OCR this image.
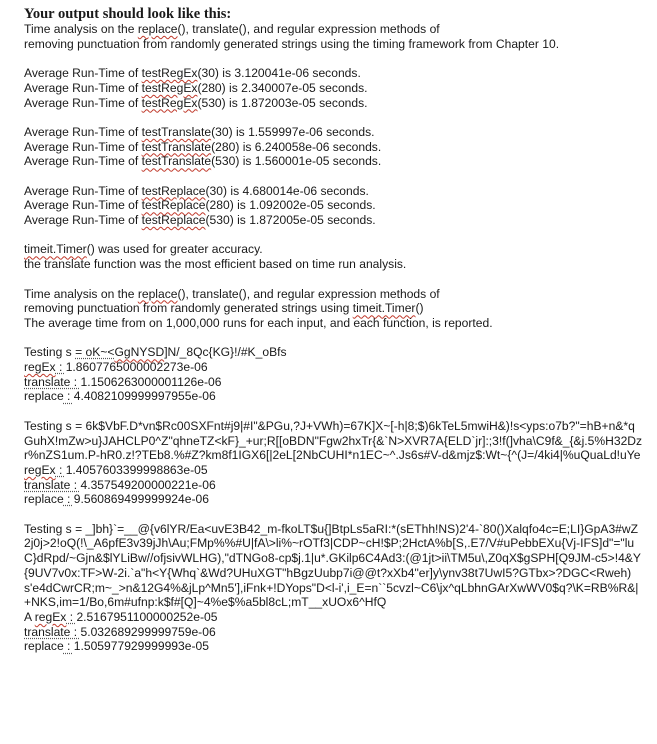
Your output should look like this:
Time analysis on the replace(), translate(), and regular expression methods of
removing punctuation from randomly generated strings using the timing framework from Chapter 10.
Average Run-Time of testRegEx(30) is 3.120041e-06 seconds.
Average Run-Time of testRegEx(280) is 2.340007e-05 seconds.
Average Run-Time of testRegEx(530) is 1.872003e-05 seconds.
Average Run-Time of testTranslate(30) is 1.559997e-06 seconds.
Average Run-Time of testTranslate(280) is 6.240058e-06 seconds.
Average Run-Time of testTranslate(530) is 1.560001e-05 seconds.
Average Run-Time of testReplace(30) is 4.680014e-06 seconds.
Average Run-Time of testReplace(280) is 1.092002e-05 seconds.
Average Run-Time of testReplace(530) is 1.872005e-05 seconds.
timeit.Timer() was used for greater accuracy.
the translate function was the most efficient based on time run analysis.
Time analysis on the replace(), translate(), and regular expression methods of
removing punctuation from randomly generated strings using timeit.Timer()
The average time from on 1,000,000 runs for each input, and each function, is reported.
Testing s = oK~<GgNYSD]N/_8Qc{KG}!/#K_oBfs
regEx : 1.8607765000002273e-06
translate : 1.1506263000001126e-06
replace : 4.4082109999997955e-06
Testing s = 6k$VbF.D*vn$Rc00SXFnt#j9|#I"&PGu,?J+VWh)=67K]X~[-h|8;$)6kTeL5mwiH&)!s<yps:o7b?"=hB+n&*qGuhX!mZw>u}JAHCLP0^Z"qhneTZ<kF}_+ur;R[[oBDN"Fgw2hxTr{&`N>XVR7A{ELD`jr]:;3!f(]vha\C9f&_{&j.5%H32Dzr%nZS1um.P-hR0.z!?TEb8.%#Z?km8f1IGX6[|2eL[2NbCUHI*n1EC~^.Js6s#V-d&mjz$:Wt~{^(J=/4ki4|%uQuaLd!uYe
regEx : 1.4057603399998863e-05
translate : 4.357549200000221e-06
replace : 9.560869499999924e-06
Testing s = _]bh}`=__@{v6lYR/Ea<uvE3B42_m-fkoLT$u{]BtpLs5aRI:*(sEThh!NS)2'4-`80()Xalqfo4c=E;LI}GpA3#wZ2j0j>2!oQ(!\_A6pfE3v39jJh\Au;FMp%%#U|fA\>li%~rOTf3|CDP~cH!$P;2HctA%b[S,.E7/V#uPebbEXu{Vj-IFS]d"="luC}dRpd/~Gjn&$lYLiBw//ofjsivWLHG),"dTNGo8-cp$j.1|u*.GKilp6C4Ad3:(@1jt>ii\TM5u\,Z0qX$gSPH[Q9JM-c5>!4&Y{9UV7v0x:TF>W-2i.`a"h<Y{Whq`&Wd?UHuXGT"hBgzUubp7i@@t?xXb4"er]y\ynv38t7UwI5?GTbx>?DGC<Rweh)s'e4dCwrCR;m~_>n&12G4%&jLp^Mn5'],iFnk+!DYops"D<l-i',i_E=n``5cvzl~C6\jx^qLbhnGArXwWV0$q?\K=RB%R&|+NKS,im=1/Bo,6m#ufnp:k$f#[Q]~4%e$%a5bl8cL;mT__xUOx6^HfQ
A regEx : 2.5167951100000252e-05
translate : 5.032689299999759e-06
replace : 1.505977929999993e-05
